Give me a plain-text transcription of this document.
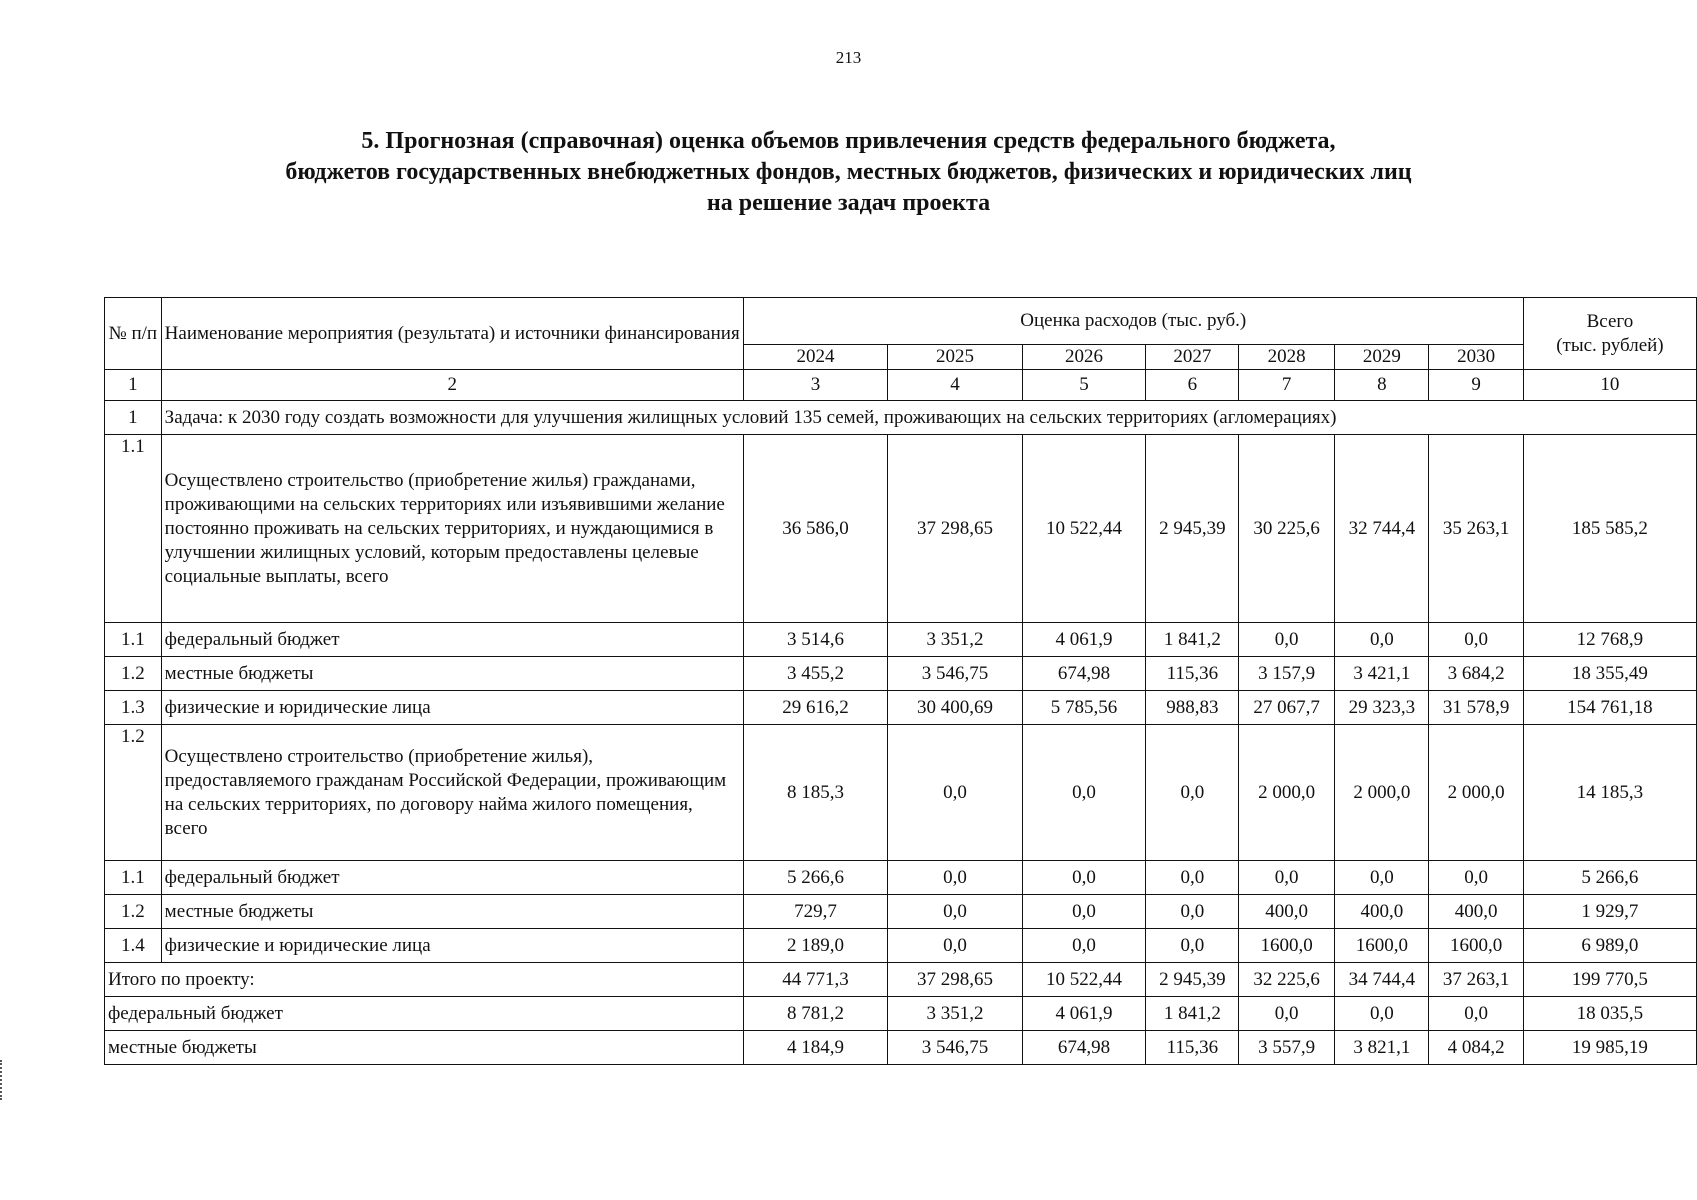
213
5. Прогнозная (справочная) оценка объемов привлечения средств федерального бюджета,
бюджетов государственных внебюджетных фондов, местных бюджетов, физических и юридических лиц
на решение задач проекта
№ п/п	Наименование мероприятия (результата) и источники финансирования	Оценка расходов (тыс. руб.)							Всего
(тыс. рублей)

		2024	2025	2026	2027	2028	2029	2030	
1	2	3	4	5	6	7	8	9	10
1	Задача: к 2030 году создать возможности для улучшения жилищных условий 135 семей, проживающих на сельских территориях (агломерациях)								
1.1	Осуществлено строительство (приобретение жилья) гражданами, проживающими на сельских территориях или изъявившими желание постоянно проживать на сельских территориях, и нуждающимися в улучшении жилищных условий, которым предоставлены целевые социальные выплаты, всего	36 586,0	37 298,65	10 522,44	2 945,39	30 225,6	32 744,4	35 263,1	185 585,2
1.1	федеральный бюджет	3 514,6	3 351,2	4 061,9	1 841,2	0,0	0,0	0,0	12 768,9
1.2	местные бюджеты	3 455,2	3 546,75	674,98	115,36	3 157,9	3 421,1	3 684,2	18 355,49
1.3	физические и юридические лица	29 616,2	30 400,69	5 785,56	988,83	27 067,7	29 323,3	31 578,9	154 761,18
1.2	Осуществлено строительство (приобретение жилья), предоставляемого гражданам Российской Федерации, проживающим на сельских территориях, по договору найма жилого помещения, всего	8 185,3	0,0	0,0	0,0	2 000,0	2 000,0	2 000,0	14 185,3
1.1	федеральный бюджет	5 266,6	0,0	0,0	0,0	0,0	0,0	0,0	5 266,6
1.2	местные бюджеты	729,7	0,0	0,0	0,0	400,0	400,0	400,0	1 929,7
1.4	физические и юридические лица	2 189,0	0,0	0,0	0,0	1600,0	1600,0	1600,0	6 989,0
Итого по проекту:		44 771,3	37 298,65	10 522,44	2 945,39	32 225,6	34 744,4	37 263,1	199 770,5
федеральный бюджет		8 781,2	3 351,2	4 061,9	1 841,2	0,0	0,0	0,0	18 035,5
местные бюджеты		4 184,9	3 546,75	674,98	115,36	3 557,9	3 821,1	4 084,2	19 985,19
